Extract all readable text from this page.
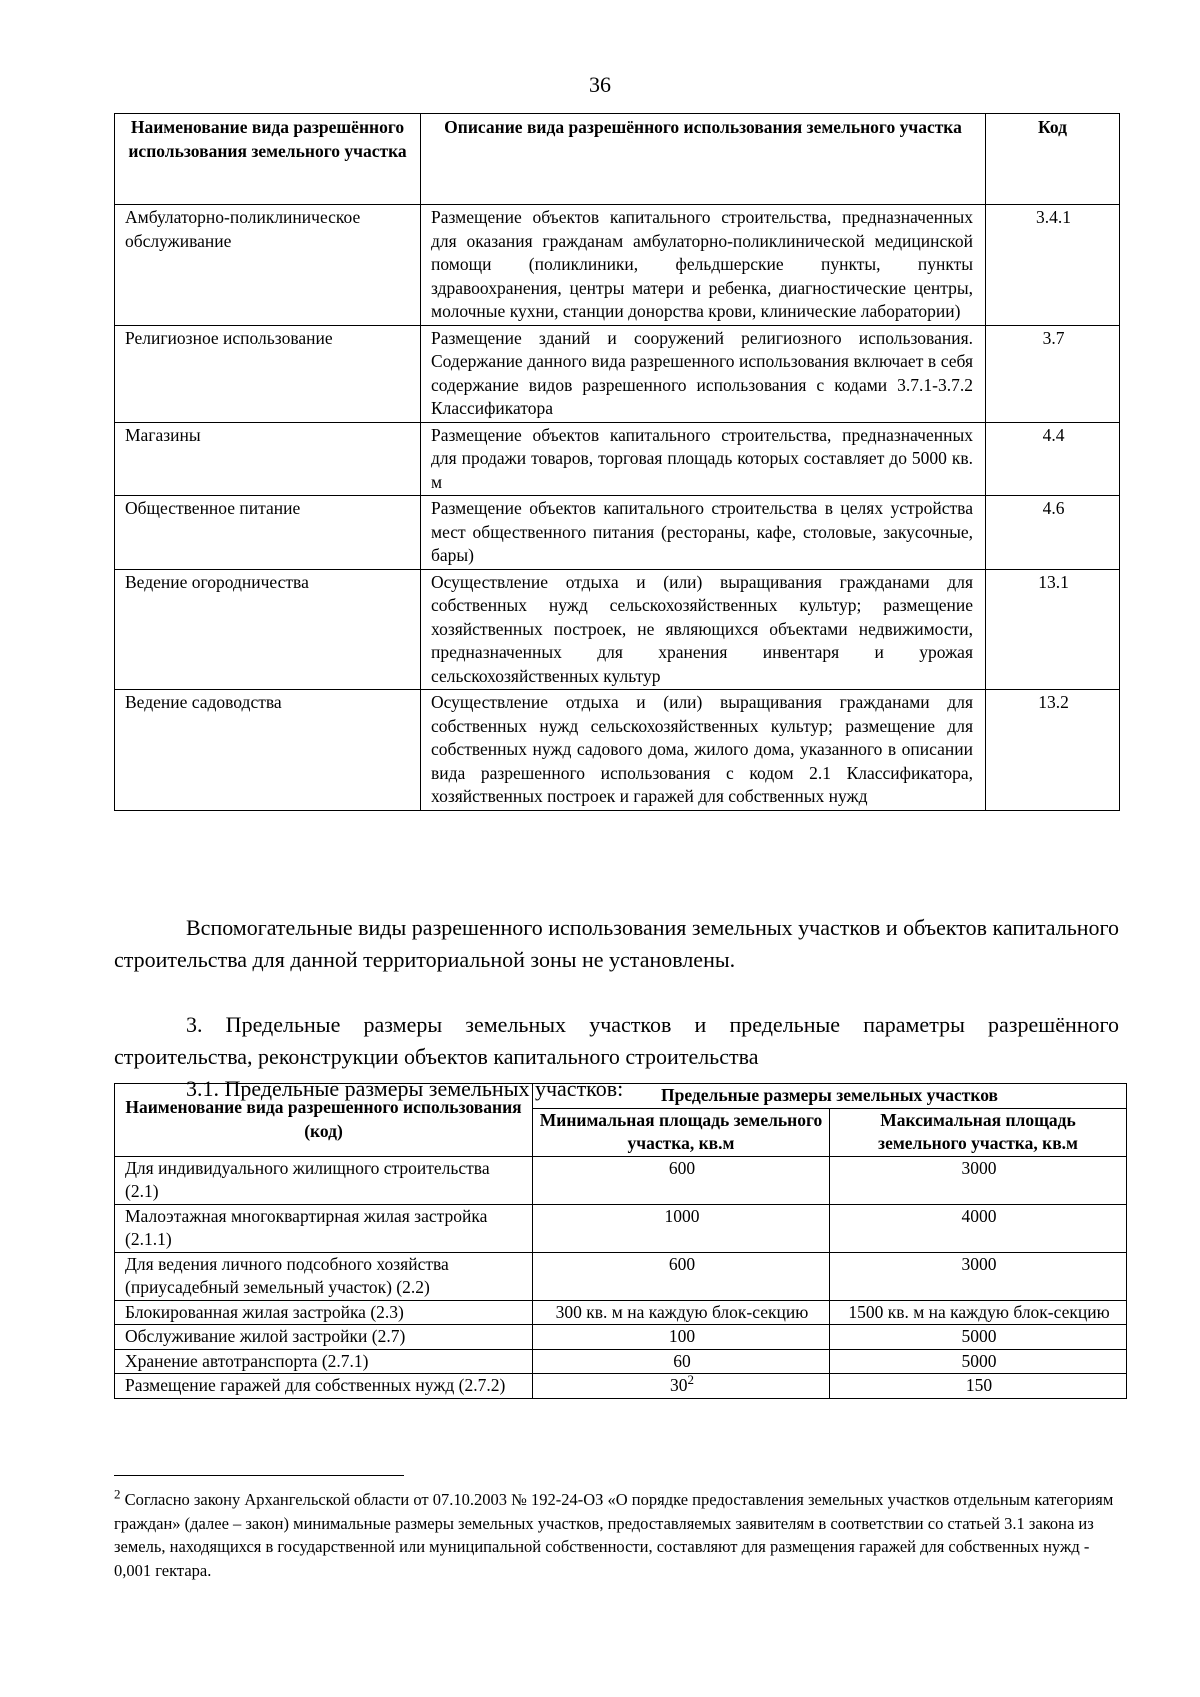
36
Наименование вида разрешённого использования земельного участка	Описание вида разрешённого использования земельного участка	Код
Амбулаторно-поликлиническое обслуживание	Размещение объектов капитального строительства, предназначенных для оказания гражданам амбулаторно-поликлинической медицинской помощи (поликлиники, фельдшерские пункты, пункты здравоохранения, центры матери и ребенка, диагностические центры, молочные кухни, станции донорства крови, клинические лаборатории)	3.4.1
Религиозное использование	Размещение зданий и сооружений религиозного использования. Содержание данного вида разрешенного использования включает в себя содержание видов разрешенного использования с кодами 3.7.1-3.7.2 Классификатора	3.7
Магазины	Размещение объектов капитального строительства, предназначенных для продажи товаров, торговая площадь которых составляет до 5000 кв. м	4.4
Общественное питание	Размещение объектов капитального строительства в целях устройства мест общественного питания (рестораны, кафе, столовые, закусочные, бары)	4.6
Ведение огородничества	Осуществление отдыха и (или) выращивания гражданами для собственных нужд сельскохозяйственных культур; размещение хозяйственных построек, не являющихся объектами недвижимости, предназначенных для хранения инвентаря и урожая сельскохозяйственных культур	13.1
Ведение садоводства	Осуществление отдыха и (или) выращивания гражданами для собственных нужд сельскохозяйственных культур; размещение для собственных нужд садового дома, жилого дома, указанного в описании вида разрешенного использования с кодом 2.1 Классификатора, хозяйственных построек и гаражей для собственных нужд	13.2

Вспомогательные виды разрешенного использования земельных участков и объектов капитального строительства для данной территориальной зоны не установлены.

3. Предельные размеры земельных участков и предельные параметры разрешённого строительства, реконструкции объектов капитального строительства

3.1. Предельные размеры земельных участков:

Наименование вида разрешенного использования (код)	Предельные размеры земельных участков	
	Минимальная площадь земельного участка, кв.м	Максимальная площадь земельного участка, кв.м
Для индивидуального жилищного строительства (2.1)	600	3000
Малоэтажная многоквартирная жилая застройка (2.1.1)	1000	4000
Для ведения личного подсобного хозяйства (приусадебный земельный участок) (2.2)	600	3000
Блокированная жилая застройка (2.3)	300 кв. м на каждую блок-секцию	1500 кв. м на каждую блок-секцию
Обслуживание жилой застройки (2.7)	100	5000
Хранение автотранспорта (2.7.1)	60	5000
Размещение гаражей для собственных нужд (2.7.2)	$30^2$	150
$^2$ Согласно закону Архангельской области от 07.10.2003 № 192-24-ОЗ «О порядке предоставления земельных участков отдельным категориям граждан» (далее – закон) минимальные размеры земельных участков, предоставляемых заявителям в соответствии со статьей 3.1 закона из земель, находящихся в государственной или муниципальной собственности, составляют для размещения гаражей для собственных нужд - 0,001 гектара.
